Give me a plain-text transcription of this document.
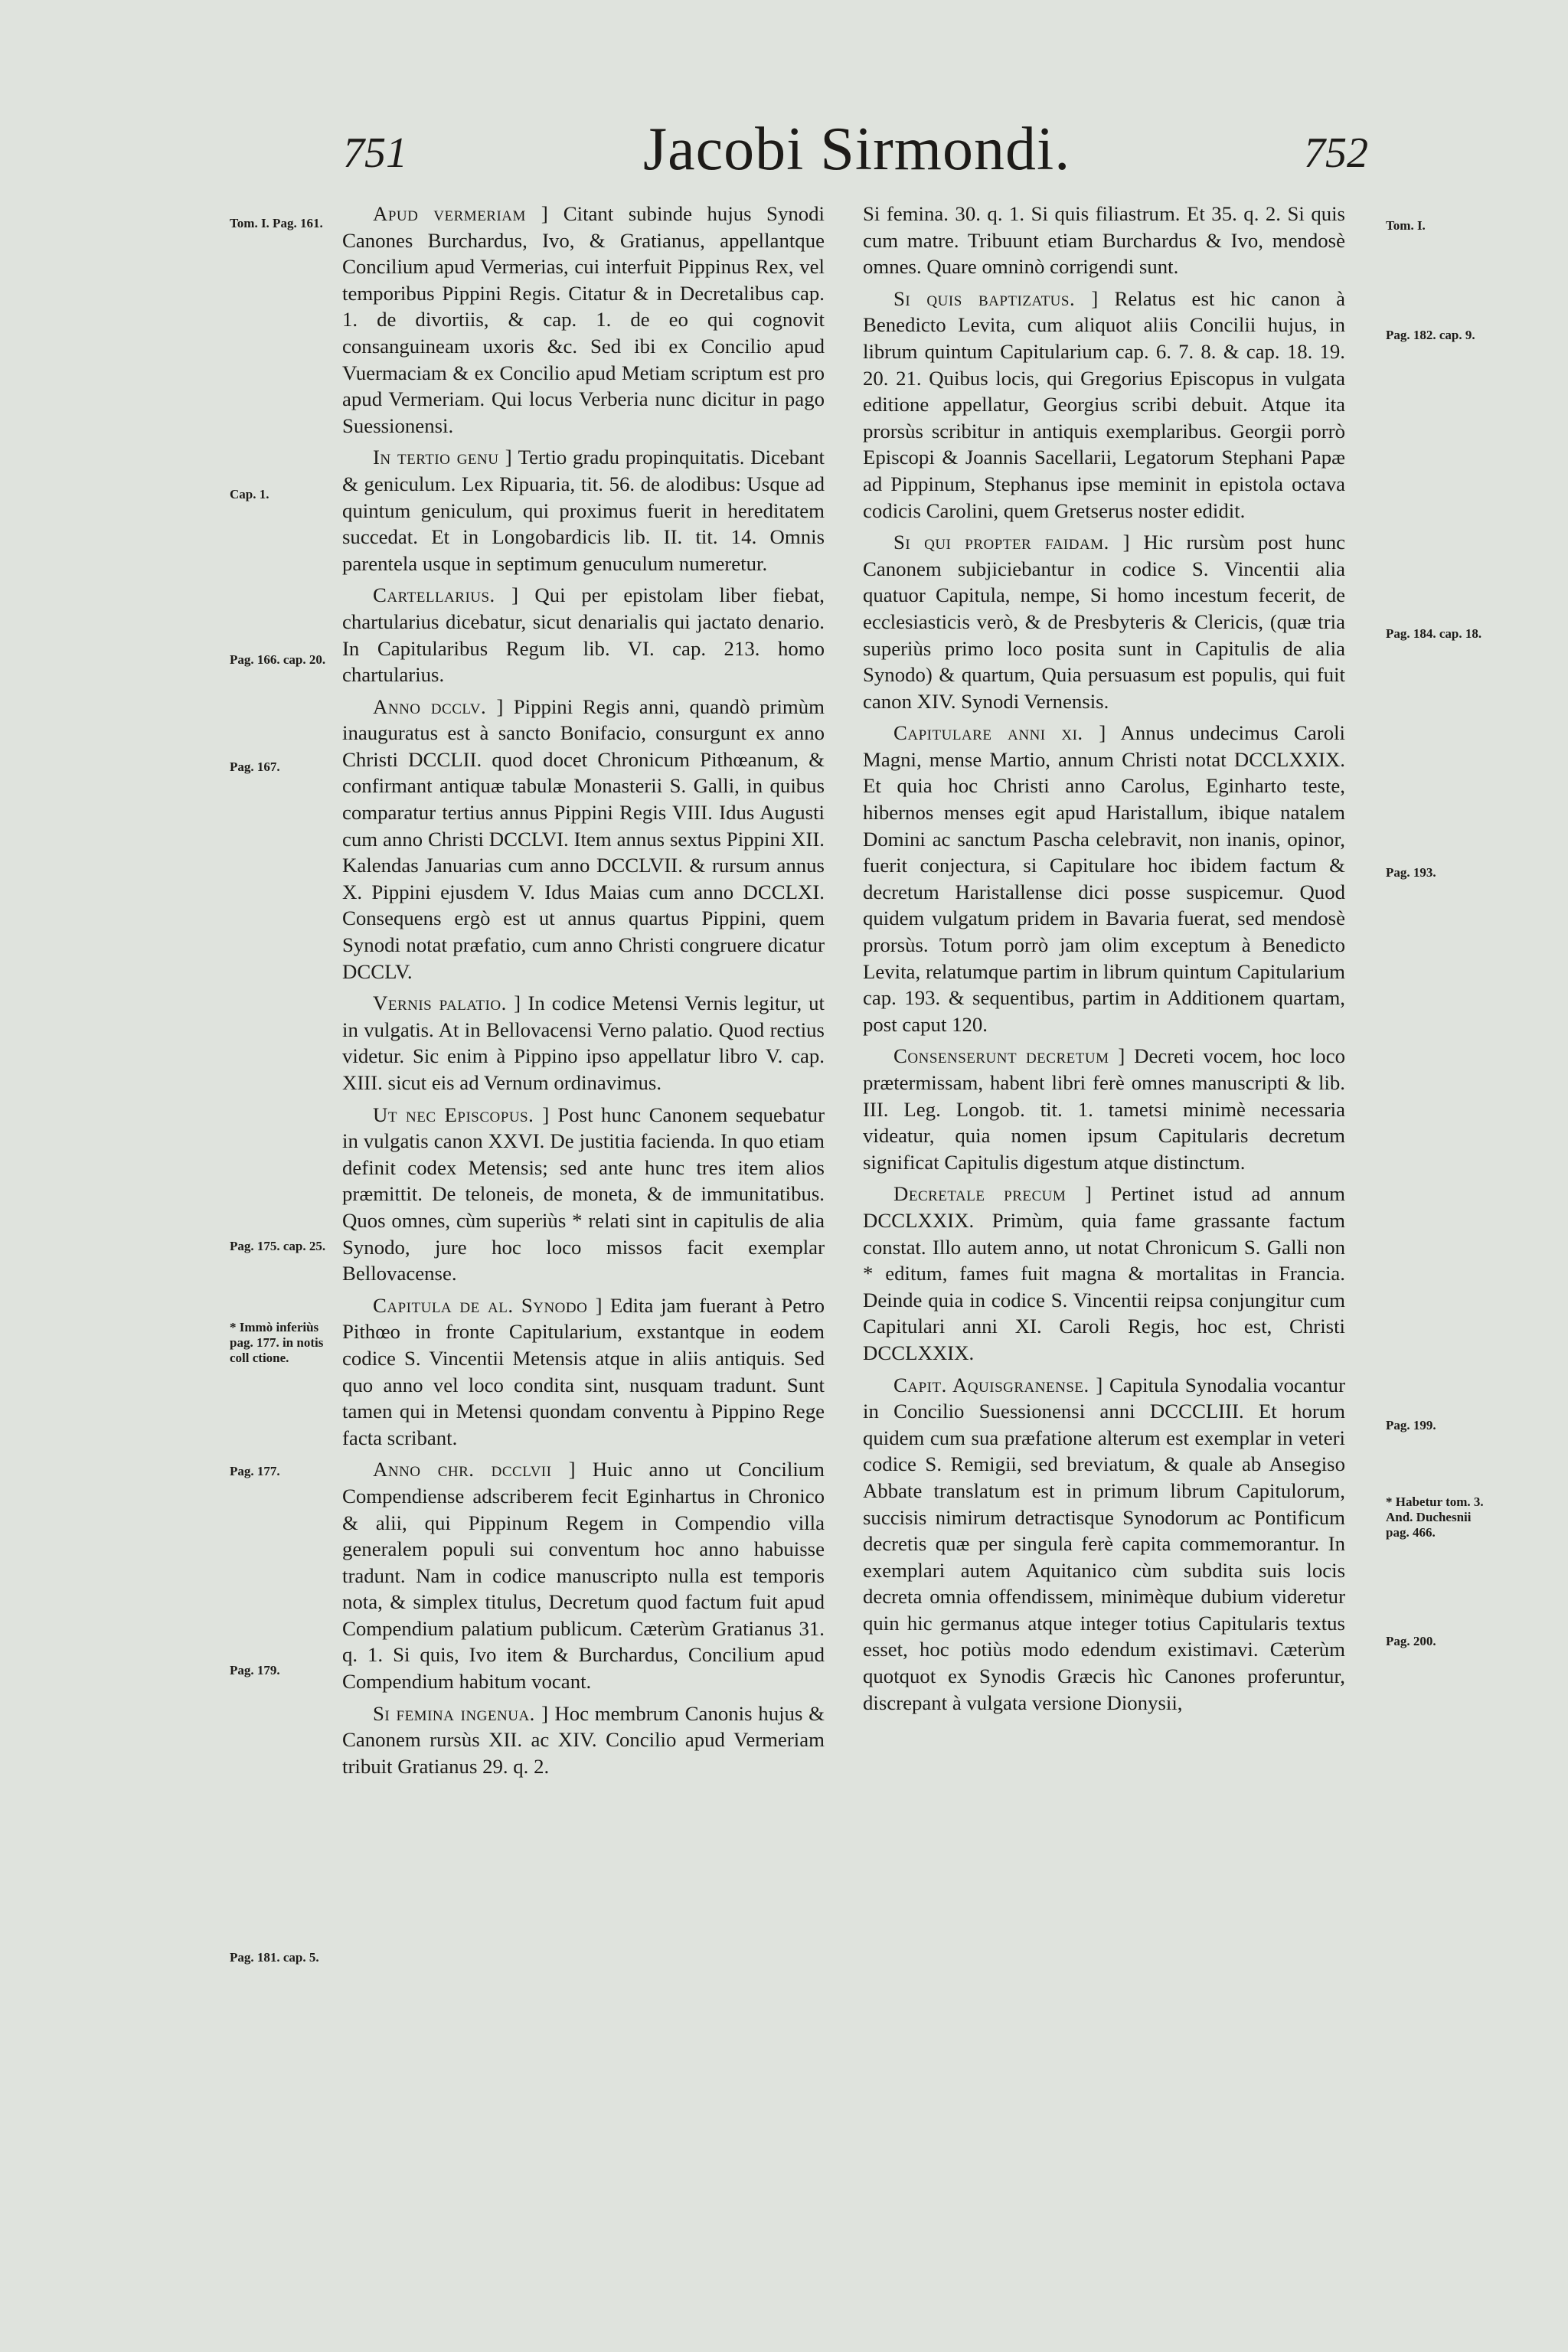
751	Jacobi Sirmondi.	752
Tom. I. Pag. 161.
Cap. 1.
Pag. 166. cap. 20.
Pag. 167.
Pag. 175. cap. 25.
* Immò inferiùs pag. 177. in notis coll ctione.
Pag. 177.
Pag. 179.
Pag. 181. cap. 5.
Tom. I.
Pag. 182. cap. 9.
Pag. 184. cap. 18.
Pag. 193.
Pag. 199.
* Habetur tom. 3. And. Duchesnii pag. 466.
Pag. 200.

Apud vermeriam ] Citant subinde hujus Synodi Canones Burchardus, Ivo, & Gratianus, appellantque Concilium apud Vermerias, cui interfuit Pippinus Rex, vel temporibus Pippini Regis. Citatur & in Decretalibus cap. 1. de divortiis, & cap. 1. de eo qui cognovit consanguineam uxoris &c. Sed ibi ex Concilio apud Vuermaciam & ex Concilio apud Metiam scriptum est pro apud Vermeriam. Qui locus Verberia nunc dicitur in pago Suessionensi.

In tertio genu ] Tertio gradu propinquitatis. Dicebant & geniculum. Lex Ripuaria, tit. 56. de alodibus: Usque ad quintum geniculum, qui proximus fuerit in hereditatem succedat. Et in Longobardicis lib. II. tit. 14. Omnis parentela usque in septimum genuculum numeretur.

Cartellarius. ] Qui per epistolam liber fiebat, chartularius dicebatur, sicut denarialis qui jactato denario. In Capitularibus Regum lib. VI. cap. 213. homo chartularius.

Anno dcclv. ] Pippini Regis anni, quandò primùm inauguratus est à sancto Bonifacio, consurgunt ex anno Christi DCCLII. quod docet Chronicum Pithœanum, & confirmant antiquæ tabulæ Monasterii S. Galli, in quibus comparatur tertius annus Pippini Regis VIII. Idus Augusti cum anno Christi DCCLVI. Item annus sextus Pippini XII. Kalendas Januarias cum anno DCCLVII. & rursum annus X. Pippini ejusdem V. Idus Maias cum anno DCCLXI. Consequens ergò est ut annus quartus Pippini, quem Synodi notat præfatio, cum anno Christi congruere dicatur DCCLV.

Vernis palatio. ] In codice Metensi Vernis legitur, ut in vulgatis. At in Bellovacensi Verno palatio. Quod rectius videtur. Sic enim à Pippino ipso appellatur libro V. cap. XIII. sicut eis ad Vernum ordinavimus.

Ut nec Episcopus. ] Post hunc Canonem sequebatur in vulgatis canon XXVI. De justitia facienda. In quo etiam definit codex Metensis; sed ante hunc tres item alios præmittit. De teloneis, de moneta, & de immunitatibus. Quos omnes, cùm superiùs * relati sint in capitulis de alia Synodo, jure hoc loco missos facit exemplar Bellovacense.

Capitula de al. Synodo ] Edita jam fuerant à Petro Pithœo in fronte Capitularium, exstantque in eodem codice S. Vincentii Metensis atque in aliis antiquis. Sed quo anno vel loco condita sint, nusquam tradunt. Sunt tamen qui in Metensi quondam conventu à Pippino Rege facta scribant.

Anno chr. dcclvii ] Huic anno ut Concilium Compendiense adscriberem fecit Eginhartus in Chronico & alii, qui Pippinum Regem in Compendio villa generalem populi sui conventum hoc anno habuisse tradunt. Nam in codice manuscripto nulla est temporis nota, & simplex titulus, Decretum quod factum fuit apud Compendium palatium publicum. Cæterùm Gratianus 31. q. 1. Si quis, Ivo item & Burchardus, Concilium apud Compendium habitum vocant.

Si femina ingenua. ] Hoc membrum Canonis hujus & Canonem rursùs XII. ac XIV. Concilio apud Vermeriam tribuit Gratianus 29. q. 2.

Si femina. 30. q. 1. Si quis filiastrum. Et 35. q. 2. Si quis cum matre. Tribuunt etiam Burchardus & Ivo, mendosè omnes. Quare omninò corrigendi sunt.

Si quis baptizatus. ] Relatus est hic canon à Benedicto Levita, cum aliquot aliis Concilii hujus, in librum quintum Capitularium cap. 6. 7. 8. & cap. 18. 19. 20. 21. Quibus locis, qui Gregorius Episcopus in vulgata editione appellatur, Georgius scribi debuit. Atque ita prorsùs scribitur in antiquis exemplaribus. Georgii porrò Episcopi & Joannis Sacellarii, Legatorum Stephani Papæ ad Pippinum, Stephanus ipse meminit in epistola octava codicis Carolini, quem Gretserus noster edidit.

Si qui propter faidam. ] Hic rursùm post hunc Canonem subjiciebantur in codice S. Vincentii alia quatuor Capitula, nempe, Si homo incestum fecerit, de ecclesiasticis verò, & de Presbyteris & Clericis, (quæ tria superiùs primo loco posita sunt in Capitulis de alia Synodo) & quartum, Quia persuasum est populis, qui fuit canon XIV. Synodi Vernensis.

Capitulare anni xi. ] Annus undecimus Caroli Magni, mense Martio, annum Christi notat DCCLXXIX. Et quia hoc Christi anno Carolus, Eginharto teste, hibernos menses egit apud Haristallum, ibique natalem Domini ac sanctum Pascha celebravit, non inanis, opinor, fuerit conjectura, si Capitulare hoc ibidem factum & decretum Haristallense dici posse suspicemur. Quod quidem vulgatum pridem in Bavaria fuerat, sed mendosè prorsùs. Totum porrò jam olim exceptum à Benedicto Levita, relatumque partim in librum quintum Capitularium cap. 193. & sequentibus, partim in Additionem quartam, post caput 120.

Consenserunt decretum ] Decreti vocem, hoc loco prætermissam, habent libri ferè omnes manuscripti & lib. III. Leg. Longob. tit. 1. tametsi minimè necessaria videatur, quia nomen ipsum Capitularis decretum significat Capitulis digestum atque distinctum.

Decretale precum ] Pertinet istud ad annum DCCLXXIX. Primùm, quia fame grassante factum constat. Illo autem anno, ut notat Chronicum S. Galli non * editum, fames fuit magna & mortalitas in Francia. Deinde quia in codice S. Vincentii reipsa conjungitur cum Capitulari anni XI. Caroli Regis, hoc est, Christi DCCLXXIX.

Capit. Aquisgranense. ] Capitula Synodalia vocantur in Concilio Suessionensi anni DCCCLIII. Et horum quidem cum sua præfatione alterum est exemplar in veteri codice S. Remigii, sed breviatum, & quale ab Ansegiso Abbate translatum est in primum librum Capitulorum, succisis nimirum detractisque Synodorum ac Pontificum decretis quæ per singula ferè capita commemorantur. In exemplari autem Aquitanico cùm subdita suis locis decreta omnia offendissem, minimèque dubium videretur quin hic germanus atque integer totius Capitularis textus esset, hoc potiùs modo edendum existimavi. Cæterùm quotquot ex Synodis Græcis hìc Canones proferuntur, discrepant à vulgata versione Dionysii,
